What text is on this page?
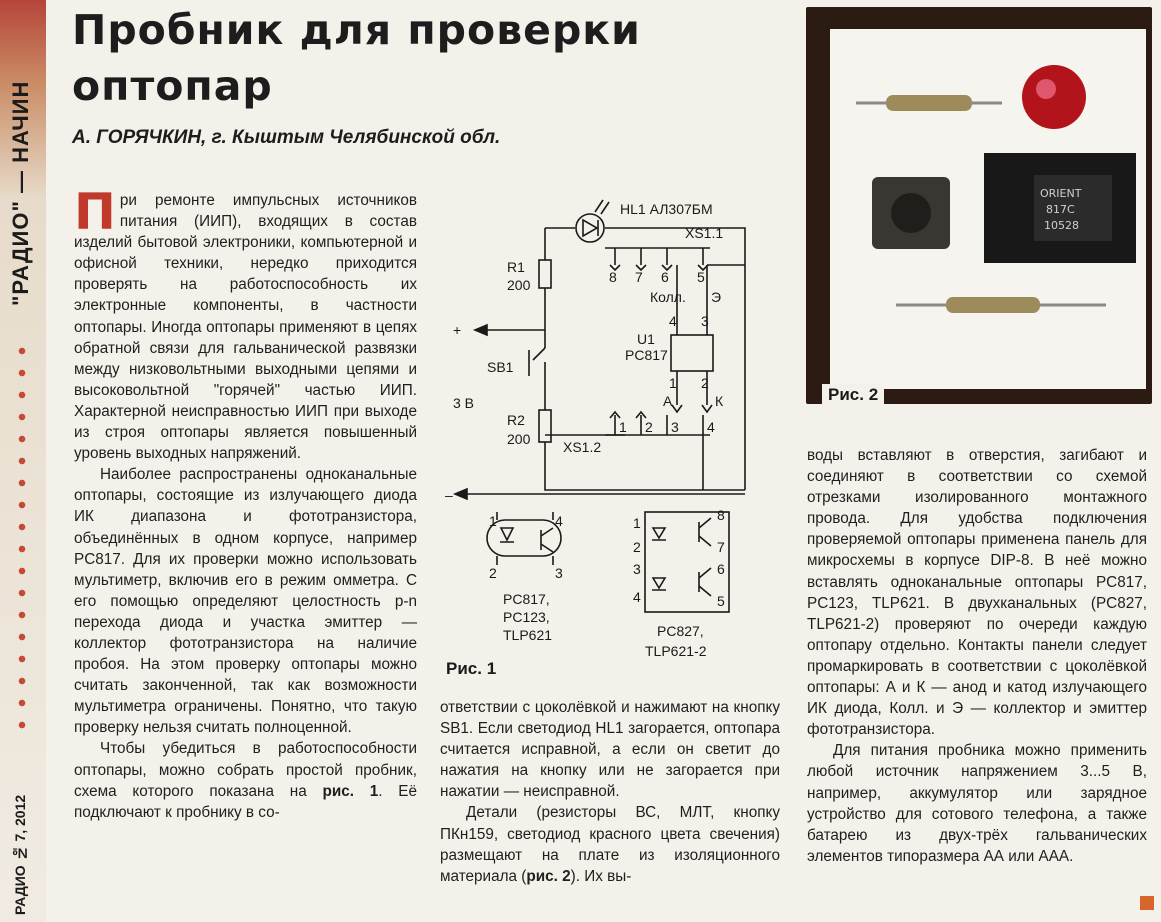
"РАДИО" — НАЧИН
РАДИО № 7, 2012
Пробник для проверки
оптопар
А. ГОРЯЧКИН, г. Кыштым Челябинской обл.

При ремонте импульсных источников питания (ИИП), входящих в состав изделий бытовой электроники, компьютерной и офисной техники, нередко приходится проверять на работоспособность их электронные компоненты, в частности оптопары. Иногда оптопары применяют в цепях обратной связи для гальванической развязки между низковольтными выходными цепями и высоковольтной "горячей" частью ИИП. Характерной неисправностью ИИП при выходе из строя оптопары является повышенный уровень выходных напряжений.

Наиболее распространены одноканальные оптопары, состоящие из излучающего диода ИК диапазона и фототранзистора, объединённых в одном корпусе, например PC817. Для их проверки можно использовать мультиметр, включив его в режим омметра. С его помощью определяют целостность p-n перехода диода и участка эмиттер — коллектор фототранзистора на наличие пробоя. На этом проверку оптопары можно считать законченной, так как возможности мультиметра ограничены. Понятно, что такую проверку нельзя считать полноценной.

Чтобы убедиться в работоспособности оптопары, можно собрать простой пробник, схема которого показана на рис. 1. Её подключают к пробнику в со-

HL1 АЛ307БМ
XS1.1
R1
200
SB1
3 В
R2
200 XS1.2
+
–
8 7 6 5
Колл. Э
4 3
U1
PC817
1 2
А	К
1 2 3 4
1	4
2	3
PC817,
PC123,
TLP621
1
2
3
4
8
7
6
5
PC827,
TLP621-2
Рис. 1

ответствии с цоколёвкой и нажимают на кнопку SB1. Если светодиод HL1 загорается, оптопара считается исправной, а если он светит до нажатия на кнопку или не загорается при нажатии — неисправной.

Детали (резисторы ВС, МЛТ, кнопку ПКн159, светодиод красного цвета свечения) размещают на плате из изоляционного материала (рис. 2). Их вы-

ORIENT
817C
10528
Рис. 2

воды вставляют в отверстия, загибают и соединяют в соответствии со схемой отрезками изолированного монтажного провода. Для удобства подключения проверяемой оптопары применена панель для микросхемы в корпусе DIP-8. В неё можно вставлять одноканальные оптопары PC817, PC123, TLP621. В двухканальных (PC827, TLP621-2) проверяют по очереди каждую оптопару отдельно. Контакты панели следует промаркировать в соответствии с цоколёвкой оптопары: А и К — анод и катод излучающего ИК диода, Колл. и Э — коллектор и эмиттер фототранзистора.

Для питания пробника можно применить любой источник напряжением 3...5 В, например, аккумулятор или зарядное устройство для сотового телефона, а также батарею из двух-трёх гальванических элементов типоразмера АА или ААА.
